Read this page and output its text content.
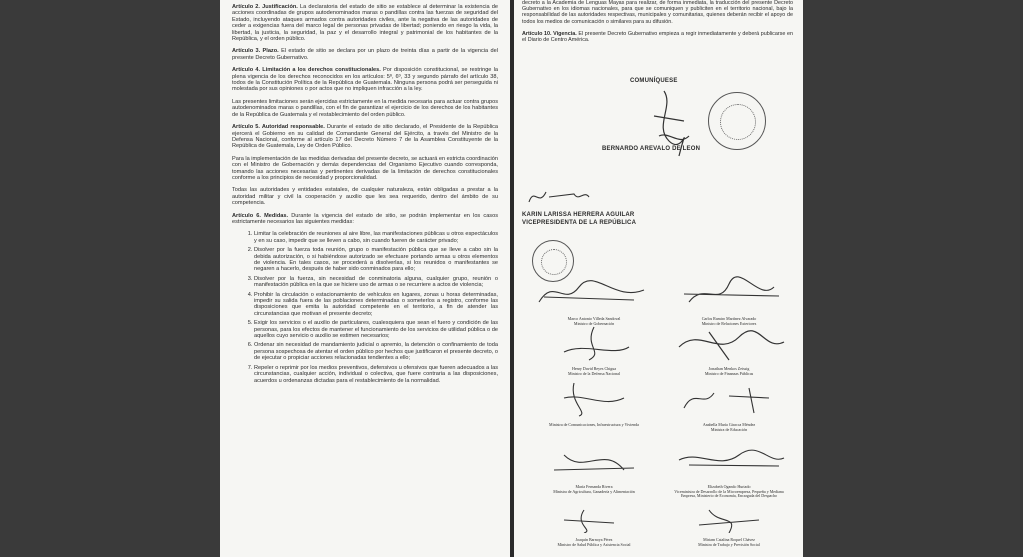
Artículo 2. Justificación. La declaratoria del estado de sitio se establece al determinar la existencia de acciones coordinadas de grupos autodenominados maras o pandillas contra las fuerzas de seguridad del Estado, incluyendo ataques armados contra autoridades civiles, ante la negativa de las autoridades de ceder a exigencias fuera del marco legal de personas privadas de libertad; poniendo en riesgo la vida, la libertad, la justicia, la seguridad, la paz y el desarrollo integral y patrimonial de los habitantes de la República, y el orden público.

Artículo 3. Plazo. El estado de sitio se declara por un plazo de treinta días a partir de la vigencia del presente Decreto Gubernativo.

Artículo 4. Limitación a los derechos constitucionales. Por disposición constitucional, se restringe la plena vigencia de los derechos reconocidos en los artículos: 5º, 6º, 33 y segundo párrafo del artículo 38, todos de la Constitución Política de la República de Guatemala. Ninguna persona podrá ser perseguida ni molestada por sus opiniones o por actos que no impliquen infracción a la ley.

Las presentes limitaciones serán ejercidas estrictamente en la medida necesaria para actuar contra grupos autodenominados maras o pandillas, con el fin de garantizar el ejercicio de los derechos de los habitantes de la República de Guatemala y el restablecimiento del orden público.

Artículo 5. Autoridad responsable. Durante el estado de sitio declarado, el Presidente de la República ejercerá el Gobierno en su calidad de Comandante General del Ejército, a través del Ministro de la Defensa Nacional, conforme al artículo 17 del Decreto Número 7 de la Asamblea Constituyente de la República de Guatemala, Ley de Orden Público.

Para la implementación de las medidas derivadas del presente decreto, se actuará en estricta coordinación con el Ministro de Gobernación y demás dependencias del Organismo Ejecutivo cuando corresponda, tomando las acciones necesarias y pertinentes derivadas de la limitación de derechos constitucionales conforme a los principios de necesidad y proporcionalidad.

Todas las autoridades y entidades estatales, de cualquier naturaleza, están obligadas a prestar a la autoridad militar y civil la cooperación y auxilio que les sea requerido, dentro del ámbito de su competencia.

Artículo 6. Medidas. Durante la vigencia del estado de sitio, se podrán implementar en los casos estrictamente necesarios las siguientes medidas:

1. Limitar la celebración de reuniones al aire libre, las manifestaciones públicas u otros espectáculos y en su caso, impedir que se lleven a cabo, sin cuando fueren de carácter privado;
2. Disolver por la fuerza toda reunión, grupo o manifestación pública que se lleve a cabo sin la debida autorización, o si habiéndose autorizado se efectuare portando armas u otros elementos de violencia. En tales casos, se procederá a disolverlas, si los reunidos o manifestantes se negaren a hacerlo, después de haber sido conminados para ello;
3. Disolver por la fuerza, sin necesidad de conminatoria alguna, cualquier grupo, reunión o manifestación pública en la que se hiciere uso de armas o se recurriere a actos de violencia;
4. Prohibir la circulación o estacionamiento de vehículos en lugares, zonas u horas determinadas, impedir su salida fuera de las poblaciones determinadas o someterlos a registro, conforme las disposiciones que emita la autoridad competente en el territorio, a fin de atender las circunstancias que motivan el presente decreto;
5. Exigir los servicios o el auxilio de particulares, cualesquiera que sean el fuero y condición de las personas, para los efectos de mantener el funcionamiento de los servicios de utilidad pública o de aquellos cuyo servicio o auxilio se estimen necesarios;
6. Ordenar sin necesidad de mandamiento judicial o apremio, la detención o confinamiento de toda persona sospechosa de atentar el orden público por hechos que justificaron el presente decreto, o de ejecutar o propiciar acciones relacionadas tendientes a ello;
7. Repeler o reprimir por los medios preventivos, defensivos u ofensivos que fueren adecuados a las circunstancias, cualquier acción, individual o colectiva, que fuere contraria a las disposiciones, acuerdos u ordenanzas dictadas para el restablecimiento de la normalidad.

decreto a la Academia de Lenguas Mayas para realizar, de forma inmediata, la traducción del presente Decreto Gubernativo en los idiomas nacionales, para que se comuniquen y publiciten en el territorio nacional, bajo la responsabilidad de las autoridades respectivas, municipales y comunitarias, quienes deberán recibir el apoyo de todos los medios de comunicación o similares para su difusión.

Artículo 10. Vigencia. El presente Decreto Gubernativo empieza a regir inmediatamente y deberá publicarse en el Diario de Centro América.

COMUNÍQUESE
BERNARDO AREVALO DE LEON
KARIN LARISSA HERRERA AGUILAR
VICEPRESIDENTA DE LA REPÚBLICA
Marco Antonio Villeda Sandoval
Ministro de Gobernación
Carlos Ramiro Martínez Alvarado
Ministro de Relaciones Exteriores
Henry David Reyes Chigua
Ministro de la Defensa Nacional
Jonathan Menkos Zeissig
Ministro de Finanzas Públicas
Ministra de Comunicaciones, Infraestructura y Vivienda	Anabella María Giracca Méndez
Ministra de Educación
María Fernanda Rivera
Ministra de Agricultura, Ganadería y Alimentación
Elizabeth Ogando Hurtado
Viceministra de Desarrollo de la Microempresa, Pequeña y Mediana Empresa, Ministerio de Economía, Encargada del Despacho
Joaquín Barnoya Pérez
Ministro de Salud Pública y Asistencia Social
Miriam Catalina Roquel Chávez
Ministra de Trabajo y Previsión Social
